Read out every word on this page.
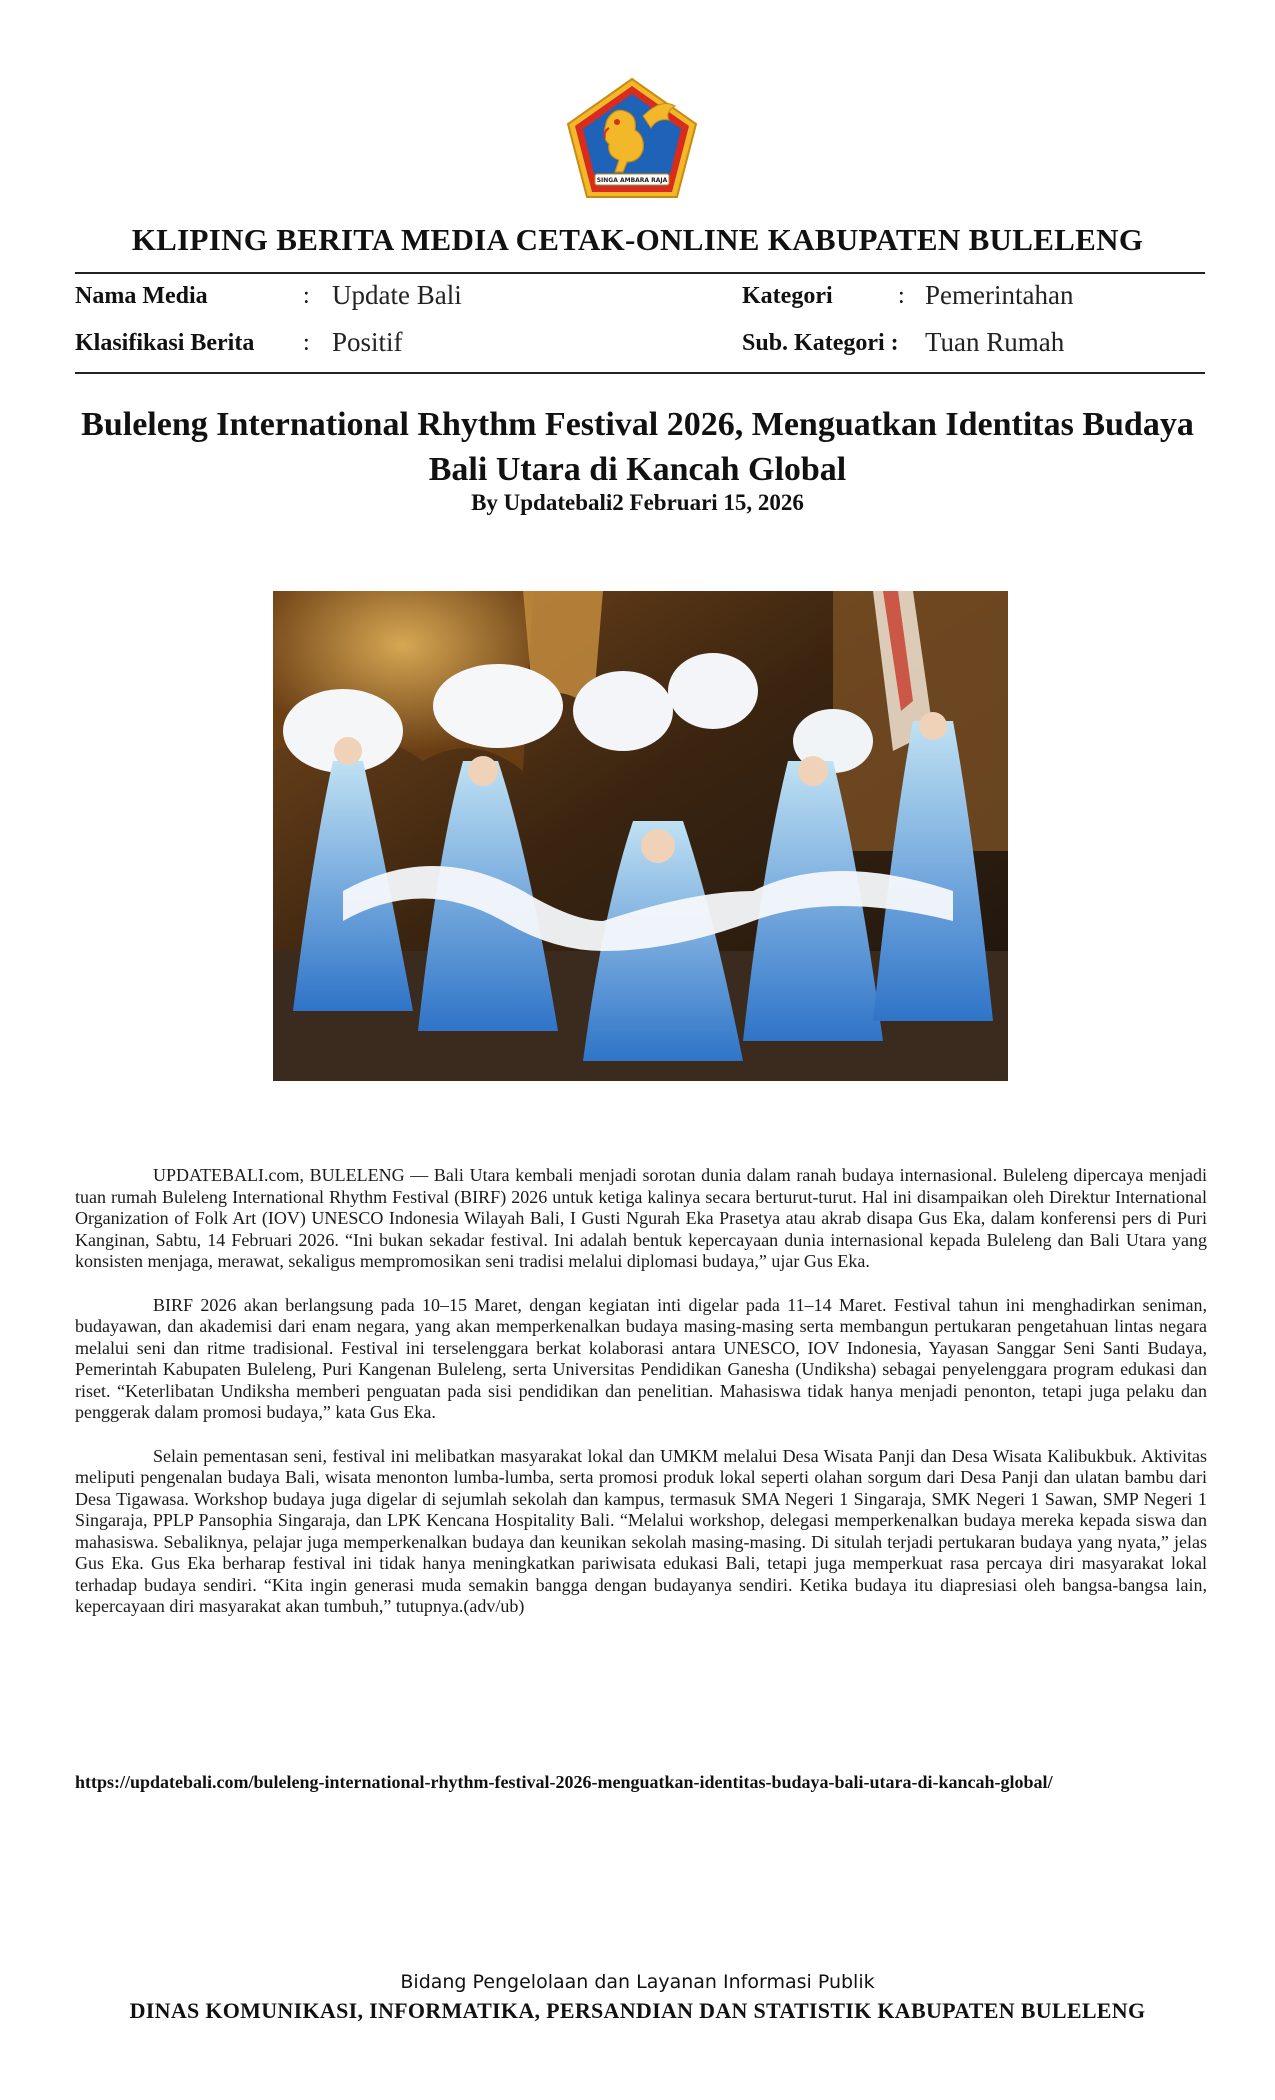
SINGA AMBARA RAJA
KLIPING BERITA MEDIA CETAK-ONLINE KABUPATEN BULELENG
Nama Media	: Update Bali
Klasifikasi Berita : Positif
Kategori	: Pemerintahan
Sub. Kategori : Tuan Rumah
Buleleng International Rhythm Festival 2026, Menguatkan Identitas Budaya Bali Utara di Kancah Global
By Updatebali2 Februari 15, 2026

UPDATEBALI.com, BULELENG — Bali Utara kembali menjadi sorotan dunia dalam ranah budaya internasional. Buleleng dipercaya menjadi tuan rumah Buleleng International Rhythm Festival (BIRF) 2026 untuk ketiga kalinya secara berturut-turut. Hal ini disampaikan oleh Direktur International Organization of Folk Art (IOV) UNESCO Indonesia Wilayah Bali, I Gusti Ngurah Eka Prasetya atau akrab disapa Gus Eka, dalam konferensi pers di Puri Kanginan, Sabtu, 14 Februari 2026. “Ini bukan sekadar festival. Ini adalah bentuk kepercayaan dunia internasional kepada Buleleng dan Bali Utara yang konsisten menjaga, merawat, sekaligus mempromosikan seni tradisi melalui diplomasi budaya,” ujar Gus Eka.

BIRF 2026 akan berlangsung pada 10–15 Maret, dengan kegiatan inti digelar pada 11–14 Maret. Festival tahun ini menghadirkan seniman, budayawan, dan akademisi dari enam negara, yang akan memperkenalkan budaya masing-masing serta membangun pertukaran pengetahuan lintas negara melalui seni dan ritme tradisional. Festival ini terselenggara berkat kolaborasi antara UNESCO, IOV Indonesia, Yayasan Sanggar Seni Santi Budaya, Pemerintah Kabupaten Buleleng, Puri Kangenan Buleleng, serta Universitas Pendidikan Ganesha (Undiksha) sebagai penyelenggara program edukasi dan riset. “Keterlibatan Undiksha memberi penguatan pada sisi pendidikan dan penelitian. Mahasiswa tidak hanya menjadi penonton, tetapi juga pelaku dan penggerak dalam promosi budaya,” kata Gus Eka.

Selain pementasan seni, festival ini melibatkan masyarakat lokal dan UMKM melalui Desa Wisata Panji dan Desa Wisata Kalibukbuk. Aktivitas meliputi pengenalan budaya Bali, wisata menonton lumba-lumba, serta promosi produk lokal seperti olahan sorgum dari Desa Panji dan ulatan bambu dari Desa Tigawasa. Workshop budaya juga digelar di sejumlah sekolah dan kampus, termasuk SMA Negeri 1 Singaraja, SMK Negeri 1 Sawan, SMP Negeri 1 Singaraja, PPLP Pansophia Singaraja, dan LPK Kencana Hospitality Bali. “Melalui workshop, delegasi memperkenalkan budaya mereka kepada siswa dan mahasiswa. Sebaliknya, pelajar juga memperkenalkan budaya dan keunikan sekolah masing-masing. Di situlah terjadi pertukaran budaya yang nyata,” jelas Gus Eka. Gus Eka berharap festival ini tidak hanya meningkatkan pariwisata edukasi Bali, tetapi juga memperkuat rasa percaya diri masyarakat lokal terhadap budaya sendiri. “Kita ingin generasi muda semakin bangga dengan budayanya sendiri. Ketika budaya itu diapresiasi oleh bangsa-bangsa lain, kepercayaan diri masyarakat akan tumbuh,” tutupnya.(adv/ub)

https://updatebali.com/buleleng-international-rhythm-festival-2026-menguatkan-identitas-budaya-bali-utara-di-kancah-global/
Bidang Pengelolaan dan Layanan Informasi Publik
DINAS KOMUNIKASI, INFORMATIKA, PERSANDIAN DAN STATISTIK KABUPATEN BULELENG
